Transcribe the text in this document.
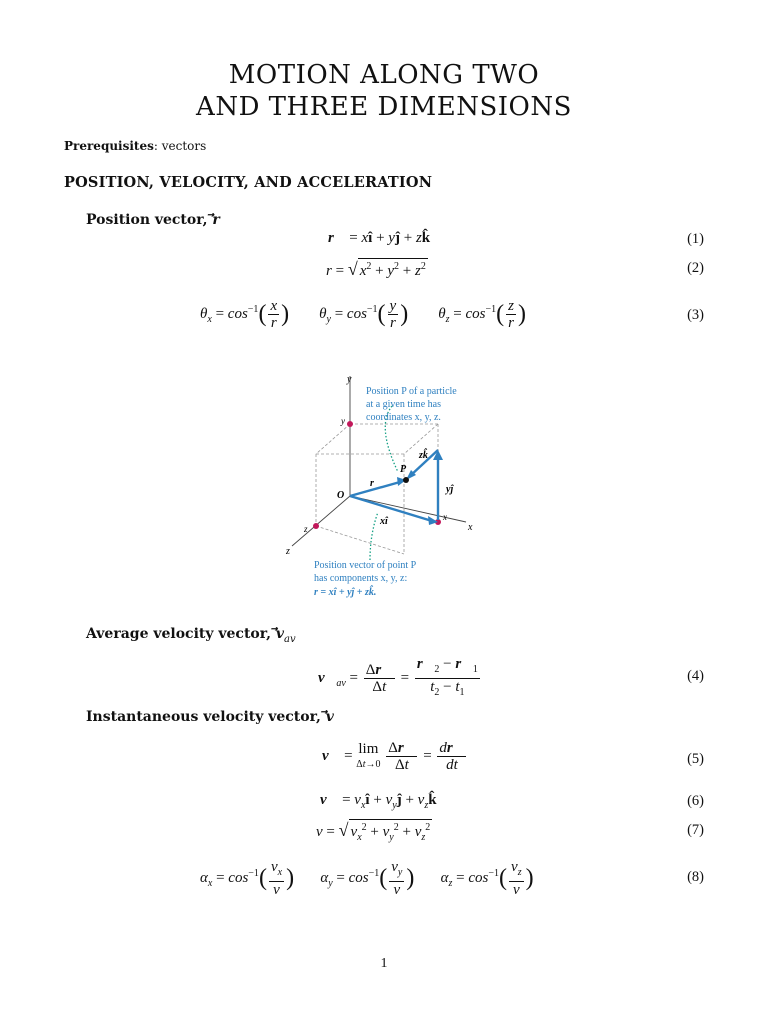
MOTION ALONG TWO
AND THREE DIMENSIONS
Prerequisites: vectors
POSITION, VELOCITY, AND ACCELERATION
Position vector, r
r⃗ = xî + yĵ + zk̂	(1)
r = √ $x^2 + y^2 + z^2$	(2)
$\theta_x = \cos^{-1}( \frac{x}{r}$ ) $\theta_y = \cos^{-1}( \frac{y}{r}$ ) $\theta_z = \cos^{-1}( \frac{z}{r}$ )	(3)
y
x
z
O
y
x
z
P
r
xî
yĵ
zk̂
Position P of a particle
at a given time has
coordinates x, y, z.
Position vector of point P
has components x, y, z:
r = xî + yĵ + zk̂.
Average velocity vector, $v_{av}$
$v⃗_{av} = \frac{\Delta r⃗}{\Delta t} = \frac{r⃗_2 - r⃗_1}{t_2 - t_1}$	(4)
Instantaneous velocity vector, v
v⃗ = lim
$\Delta t\to 0 \frac{\Delta r⃗}{\Delta t} = \frac{dr⃗}{dt}$	(5)
v⃗ = $v_xî$ + $v_yĵ$ + $v_zk̂$	(6)
v = √ $v_x^2 + v_y^2 + v_z^2$	(7)
$\alpha_x = \cos^{-1}( \frac{v_x}{v}$ ) $\alpha_y = \cos^{-1}( \frac{v_y}{v}$ ) $\alpha_z = \cos^{-1}( \frac{v_z}{v}$ )	(8)
1
